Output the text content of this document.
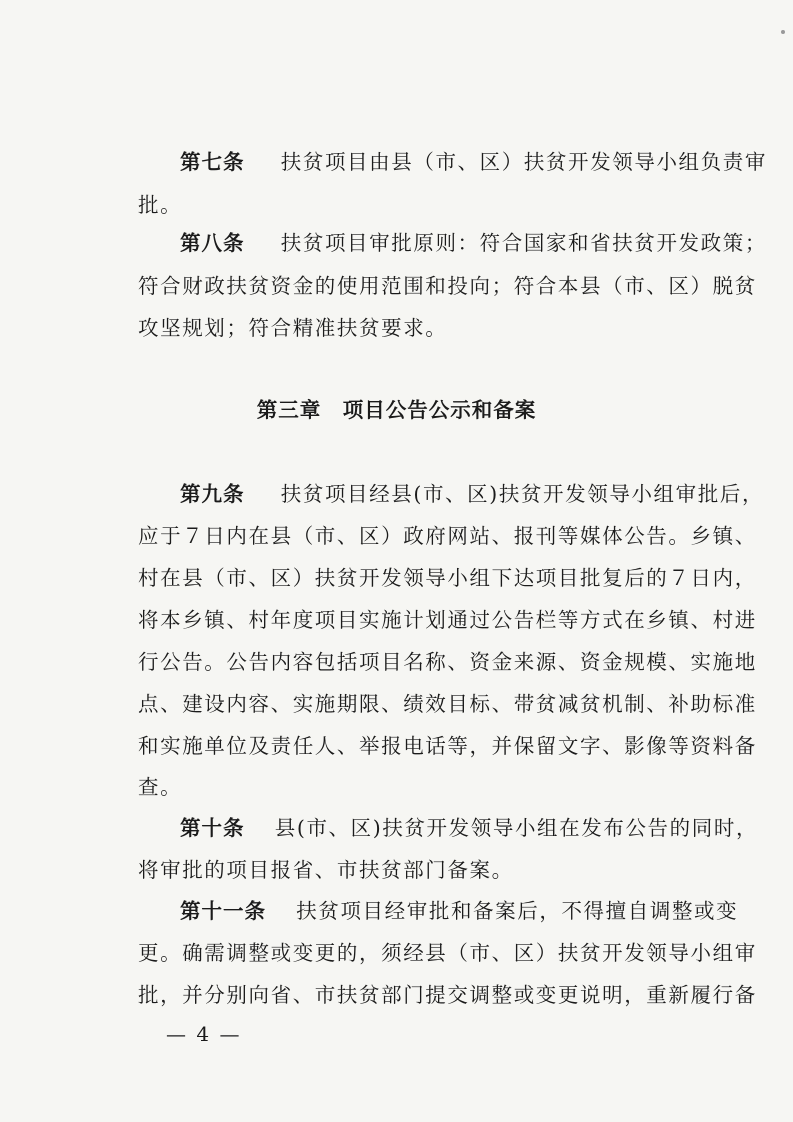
第七条 扶贫项目由县（市、区）扶贫开发领导小组负责审
批。
第八条 扶贫项目审批原则：符合国家和省扶贫开发政策；
符合财政扶贫资金的使用范围和投向；符合本县（市、区）脱贫
攻坚规划；符合精准扶贫要求。
第九条 扶贫项目经县(市、区)扶贫开发领导小组审批后，
应于７日内在县（市、区）政府网站、报刊等媒体公告。乡镇、
村在县（市、区）扶贫开发领导小组下达项目批复后的７日内，
将本乡镇、村年度项目实施计划通过公告栏等方式在乡镇、村进
行公告。公告内容包括项目名称、资金来源、资金规模、实施地
点、建设内容、实施期限、绩效目标、带贫减贫机制、补助标准
和实施单位及责任人、举报电话等，并保留文字、影像等资料备
查。
第十条 县(市、区)扶贫开发领导小组在发布公告的同时，
将审批的项目报省、市扶贫部门备案。
第十一条 扶贫项目经审批和备案后，不得擅自调整或变
更。确需调整或变更的，须经县（市、区）扶贫开发领导小组审
批，并分别向省、市扶贫部门提交调整或变更说明，重新履行备
第三章　项目公告公示和备案
— 4 —
